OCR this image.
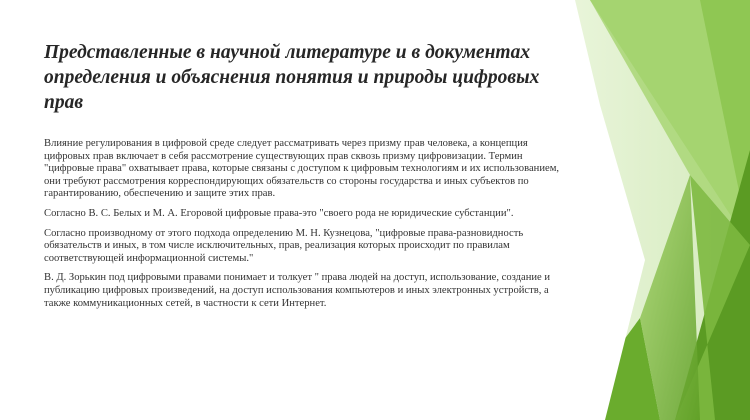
Представленные в научной литературе и в документах определения и объяснения понятия и природы цифровых прав

Влияние регулирования в цифровой среде следует рассматривать через призму прав человека, а концепция цифровых прав включает в себя рассмотрение существующих прав сквозь призму цифровизации. Термин "цифровые права" охватывает права, которые связаны с доступом к цифровым технологиям и их использованием, они требуют рассмотрения корреспондирующих обязательств со стороны государства и иных субъектов по гарантированию, обеспечению и защите этих прав.

Согласно В. С. Белых и М. А. Егоровой цифровые права-это "своего рода не юридические субстанции".

Согласно производному от этого подхода определению М. Н. Кузнецова, "цифровые права-разновидность обязательств и иных, в том числе исключительных, прав, реализация которых происходит по правилам соответствующей информационной системы."

В. Д. Зорькин под цифровыми правами понимает и толкует " права людей на доступ, использование, создание и публикацию цифровых произведений, на доступ использования компьютеров и иных электронных устройств, а также коммуникационных сетей, в частности к сети Интернет.
